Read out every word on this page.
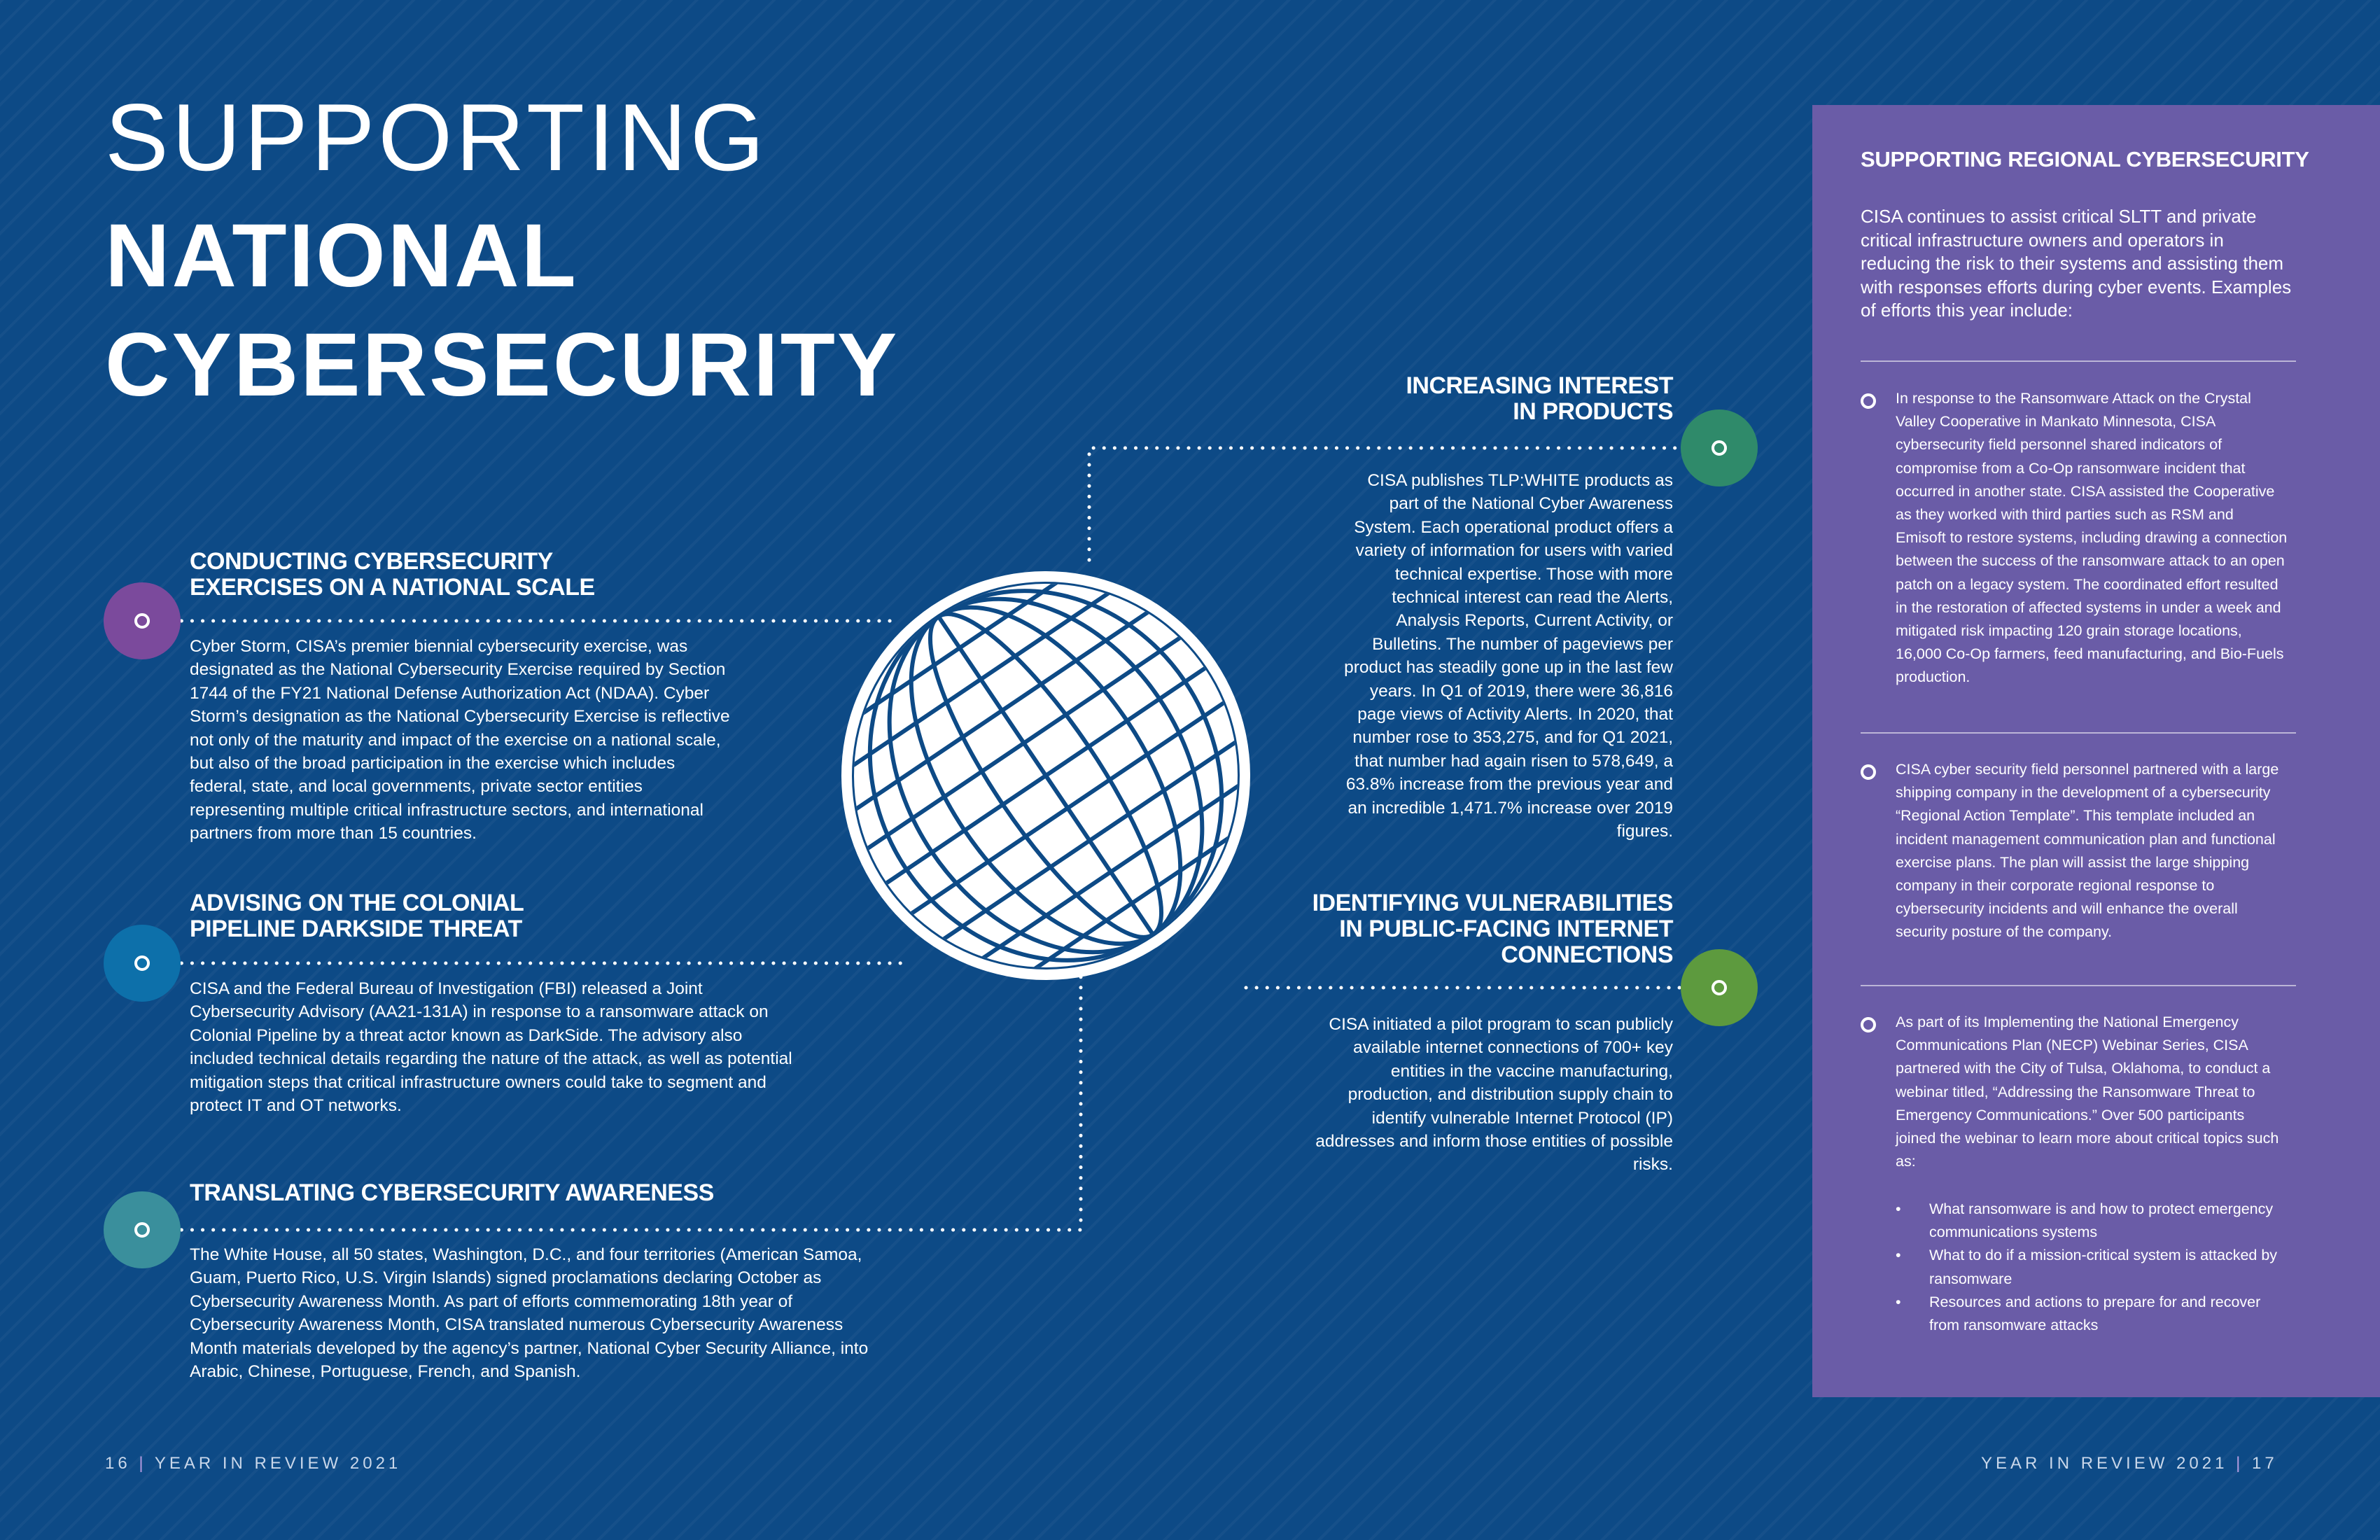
SUPPORTING
NATIONAL
CYBERSECURITY
CONDUCTING CYBERSECURITY
EXERCISES ON A NATIONAL SCALE
Cyber Storm, CISA’s premier biennial cybersecurity exercise, was designated as the National Cybersecurity Exercise required by Section 1744 of the FY21 National Defense Authorization Act (NDAA). Cyber Storm’s designation as the National Cybersecurity Exercise is reflective not only of the maturity and impact of the exercise on a national scale, but also of the broad participation in the exercise which includes federal, state, and local governments, private sector entities representing multiple critical infrastructure sectors, and international partners from more than 15 countries.
ADVISING ON THE COLONIAL
PIPELINE DARKSIDE THREAT
CISA and the Federal Bureau of Investigation (FBI) released a Joint Cybersecurity Advisory (AA21-131A) in response to a ransomware attack on Colonial Pipeline by a threat actor known as DarkSide. The advisory also included technical details regarding the nature of the attack, as well as potential mitigation steps that critical infrastructure owners could take to segment and protect IT and OT networks.
TRANSLATING CYBERSECURITY AWARENESS
The White House, all 50 states, Washington, D.C., and four territories (American Samoa, Guam, Puerto Rico, U.S. Virgin Islands) signed proclamations declaring October as Cybersecurity Awareness Month. As part of efforts commemorating 18th year of Cybersecurity Awareness Month, CISA translated numerous Cybersecurity Awareness Month materials developed by the agency’s partner, National Cyber Security Alliance, into Arabic, Chinese, Portuguese, French, and Spanish.
INCREASING INTEREST
IN PRODUCTS
CISA publishes TLP:WHITE products as part of the National Cyber Awareness System. Each operational product offers a variety of information for users with varied technical expertise. Those with more technical interest can read the Alerts, Analysis Reports, Current Activity, or Bulletins. The number of pageviews per product has steadily gone up in the last few years. In Q1 of 2019, there were 36,816 page views of Activity Alerts. In 2020, that number rose to 353,275, and for Q1 2021, that number had again risen to 578,649, a 63.8% increase from the previous year and an incredible 1,471.7% increase over 2019 figures.
IDENTIFYING VULNERABILITIES
IN PUBLIC-FACING INTERNET
CONNECTIONS
CISA initiated a pilot program to scan publicly available internet connections of 700+ key entities in the vaccine manufacturing, production, and distribution supply chain to identify vulnerable Internet Protocol (IP) addresses and inform those entities of possible risks.
SUPPORTING REGIONAL CYBERSECURITY
CISA continues to assist critical SLTT and private critical infrastructure owners and operators in reducing the risk to their systems and assisting them with responses efforts during cyber events. Examples of efforts this year include:
In response to the Ransomware Attack on the Crystal Valley Cooperative in Mankato Minnesota, CISA cybersecurity field personnel shared indicators of compromise from a Co-Op ransomware incident that occurred in another state. CISA assisted the Cooperative as they worked with third parties such as RSM and Emisoft to restore systems, including drawing a connection between the success of the ransomware attack to an open patch on a legacy system. The coordinated effort resulted in the restoration of affected systems in under a week and mitigated risk impacting 120 grain storage locations, 16,000 Co-Op farmers, feed manufacturing, and Bio-Fuels production.
CISA cyber security field personnel partnered with a large shipping company in the development of a cybersecurity “Regional Action Template”. This template included an incident management communication plan and functional exercise plans. The plan will assist the large shipping company in their corporate regional response to cybersecurity incidents and will enhance the overall security posture of the company.
As part of its Implementing the National Emergency Communications Plan (NECP) Webinar Series, CISA partnered with the City of Tulsa, Oklahoma, to conduct a webinar titled, “Addressing the Ransomware Threat to Emergency Communications.” Over 500 participants joined the webinar to learn more about critical topics such as:
• What ransomware is and how to protect emergency communications systems
• What to do if a mission-critical system is attacked by ransomware
• Resources and actions to prepare for and recover from ransomware attacks
16 | YEAR IN REVIEW 2021	YEAR IN REVIEW 2021 | 17
